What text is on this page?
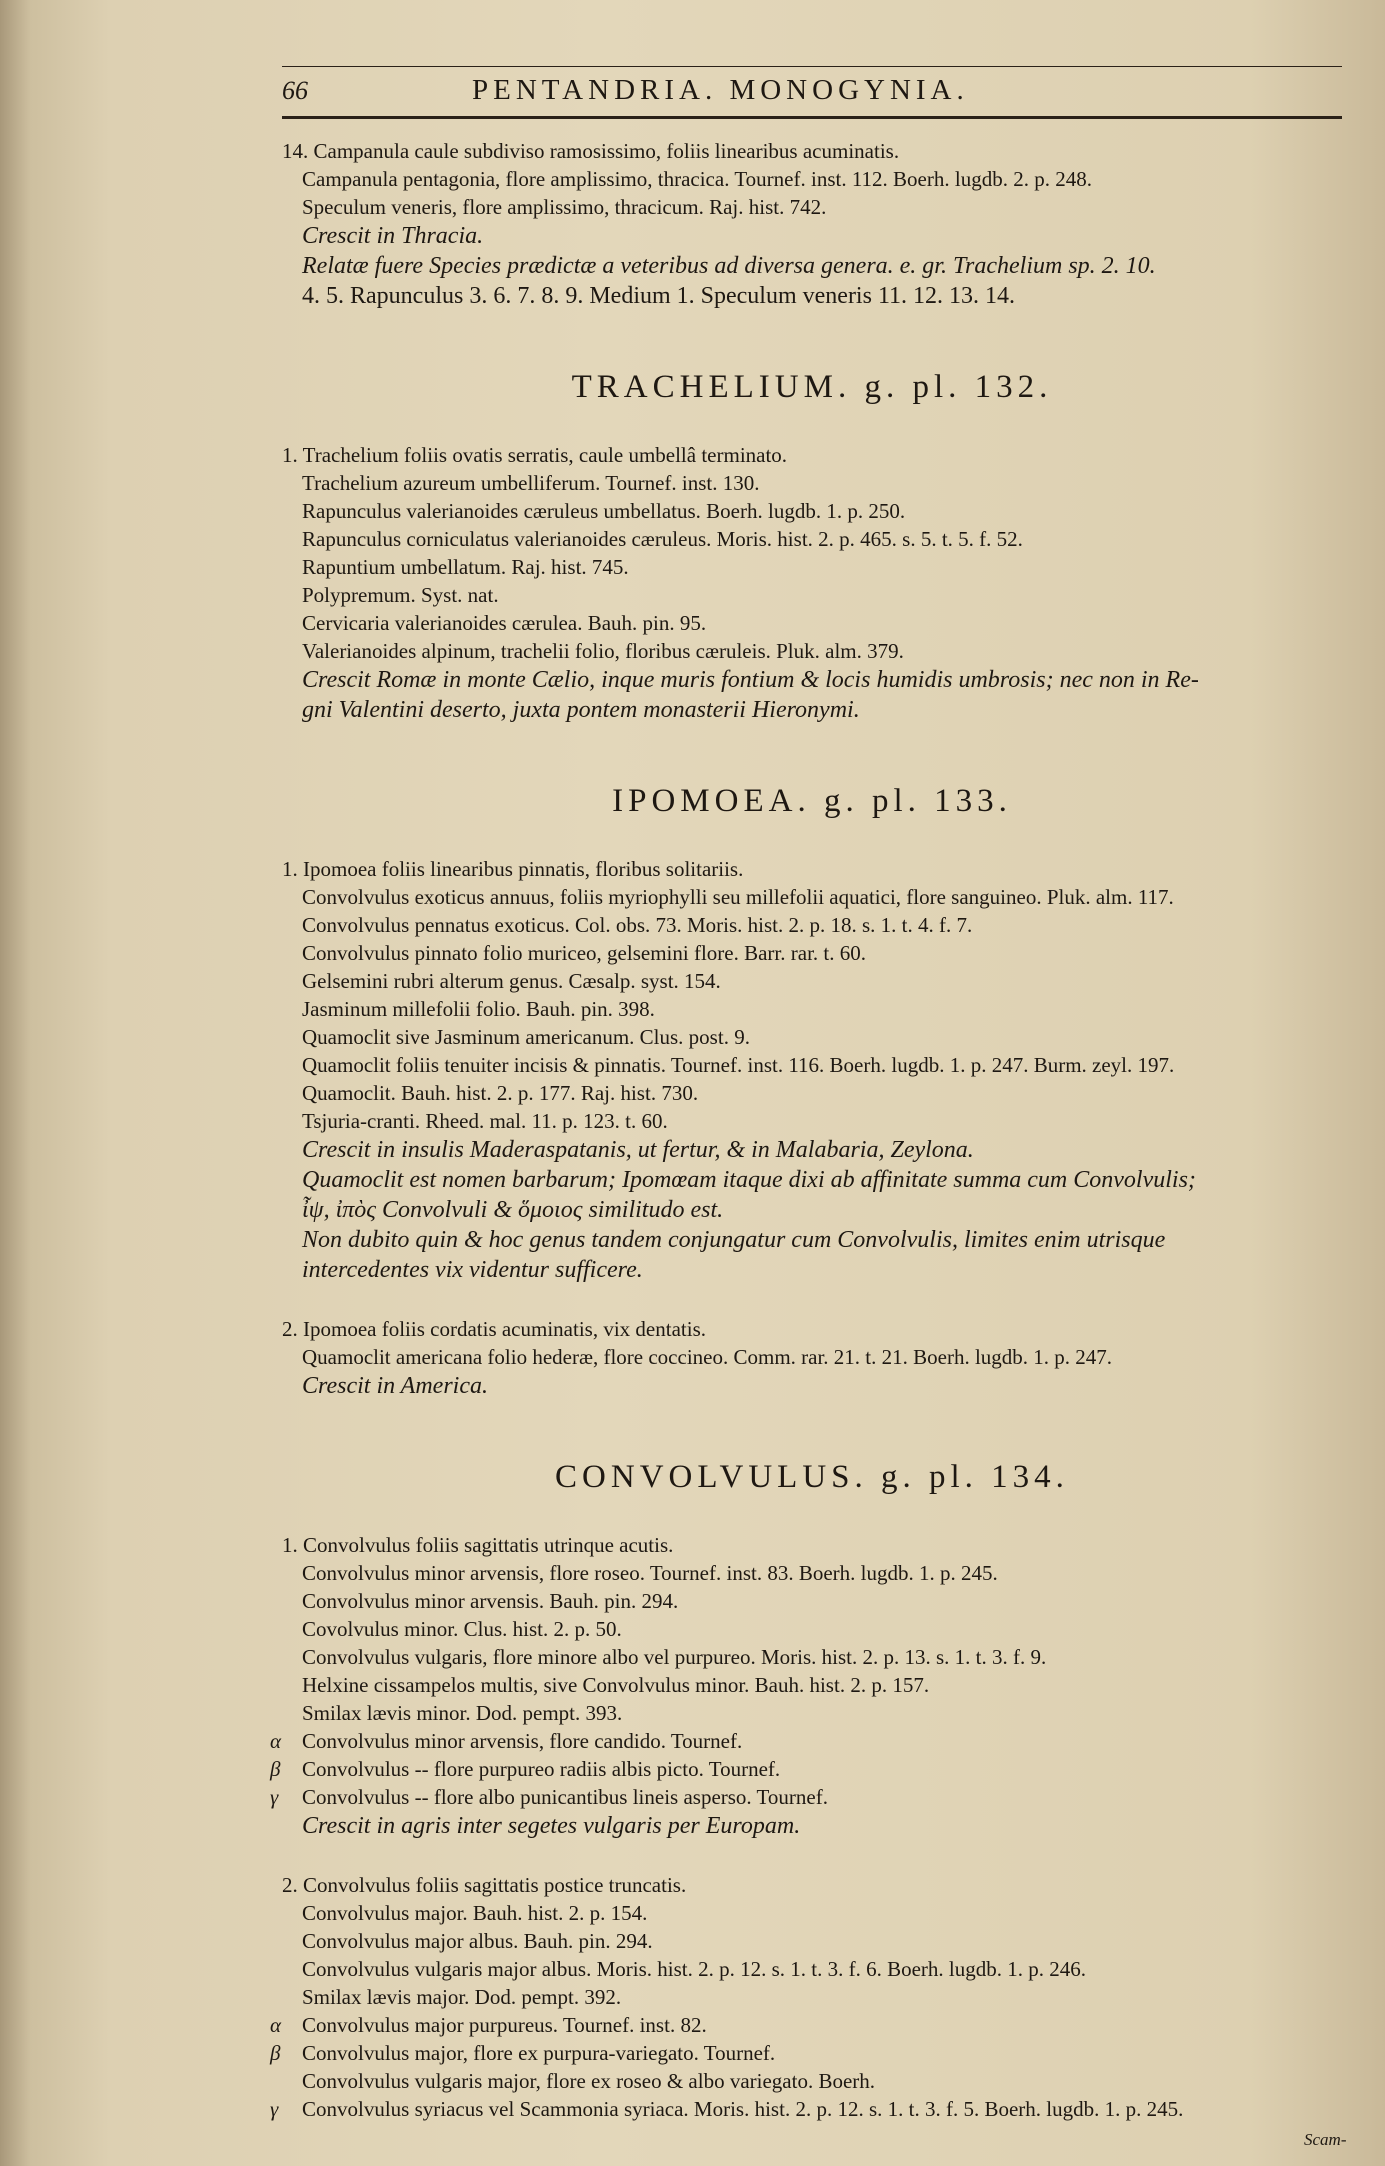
66	PENTANDRIA. MONOGYNIA.
14. Campanula caule subdiviso ramosissimo, foliis linearibus acuminatis.
Campanula pentagonia, flore amplissimo, thracica. Tournef. inst. 112. Boerh. lugdb. 2. p. 248.
Speculum veneris, flore amplissimo, thracicum. Raj. hist. 742.
Crescit in Thracia.
Relatæ fuere Species prædictæ a veteribus ad diversa genera. e. gr. Trachelium sp. 2. 10.
4. 5. Rapunculus 3. 6. 7. 8. 9. Medium 1. Speculum veneris 11. 12. 13. 14.
TRACHELIUM. g. pl. 132.
1. Trachelium foliis ovatis serratis, caule umbellâ terminato.
Trachelium azureum umbelliferum. Tournef. inst. 130.
Rapunculus valerianoides cæruleus umbellatus. Boerh. lugdb. 1. p. 250.
Rapunculus corniculatus valerianoides cæruleus. Moris. hist. 2. p. 465. s. 5. t. 5. f. 52.
Rapuntium umbellatum. Raj. hist. 745.
Polypremum. Syst. nat.
Cervicaria valerianoides cærulea. Bauh. pin. 95.
Valerianoides alpinum, trachelii folio, floribus cæruleis. Pluk. alm. 379.
Crescit Romæ in monte Cælio, inque muris fontium & locis humidis umbrosis; nec non in Re-
gni Valentini deserto, juxta pontem monasterii Hieronymi.
IPOMOEA. g. pl. 133.
1. Ipomoea foliis linearibus pinnatis, floribus solitariis.
Convolvulus exoticus annuus, foliis myriophylli seu millefolii aquatici, flore sanguineo. Pluk. alm. 117.
Convolvulus pennatus exoticus. Col. obs. 73. Moris. hist. 2. p. 18. s. 1. t. 4. f. 7.
Convolvulus pinnato folio muriceo, gelsemini flore. Barr. rar. t. 60.
Gelsemini rubri alterum genus. Cæsalp. syst. 154.
Jasminum millefolii folio. Bauh. pin. 398.
Quamoclit sive Jasminum americanum. Clus. post. 9.
Quamoclit foliis tenuiter incisis & pinnatis. Tournef. inst. 116. Boerh. lugdb. 1. p. 247. Burm. zeyl. 197.
Quamoclit. Bauh. hist. 2. p. 177. Raj. hist. 730.
Tsjuria-cranti. Rheed. mal. 11. p. 123. t. 60.
Crescit in insulis Maderaspatanis, ut fertur, & in Malabaria, Zeylona.
Quamoclit est nomen barbarum; Ipomœam itaque dixi ab affinitate summa cum Convolvulis;
ἶψ, ἰπὸς Convolvuli & ὅμοιος similitudo est.
Non dubito quin & hoc genus tandem conjungatur cum Convolvulis, limites enim utrisque
intercedentes vix videntur sufficere.
2. Ipomoea foliis cordatis acuminatis, vix dentatis.
Quamoclit americana folio hederæ, flore coccineo. Comm. rar. 21. t. 21. Boerh. lugdb. 1. p. 247.
Crescit in America.
CONVOLVULUS. g. pl. 134.
1. Convolvulus foliis sagittatis utrinque acutis.
Convolvulus minor arvensis, flore roseo. Tournef. inst. 83. Boerh. lugdb. 1. p. 245.
Convolvulus minor arvensis. Bauh. pin. 294.
Covolvulus minor. Clus. hist. 2. p. 50.
Convolvulus vulgaris, flore minore albo vel purpureo. Moris. hist. 2. p. 13. s. 1. t. 3. f. 9.
Helxine cissampelos multis, sive Convolvulus minor. Bauh. hist. 2. p. 157.
Smilax lævis minor. Dod. pempt. 393.
α Convolvulus minor arvensis, flore candido. Tournef.
β Convolvulus -- flore purpureo radiis albis picto. Tournef.
γ Convolvulus -- flore albo punicantibus lineis asperso. Tournef.
Crescit in agris inter segetes vulgaris per Europam.
2. Convolvulus foliis sagittatis postice truncatis.
Convolvulus major. Bauh. hist. 2. p. 154.
Convolvulus major albus. Bauh. pin. 294.
Convolvulus vulgaris major albus. Moris. hist. 2. p. 12. s. 1. t. 3. f. 6. Boerh. lugdb. 1. p. 246.
Smilax lævis major. Dod. pempt. 392.
α Convolvulus major purpureus. Tournef. inst. 82.
β Convolvulus major, flore ex purpura-variegato. Tournef.
Convolvulus vulgaris major, flore ex roseo & albo variegato. Boerh.
γ Convolvulus syriacus vel Scammonia syriaca. Moris. hist. 2. p. 12. s. 1. t. 3. f. 5. Boerh. lugdb. 1. p. 245.
Scam-
